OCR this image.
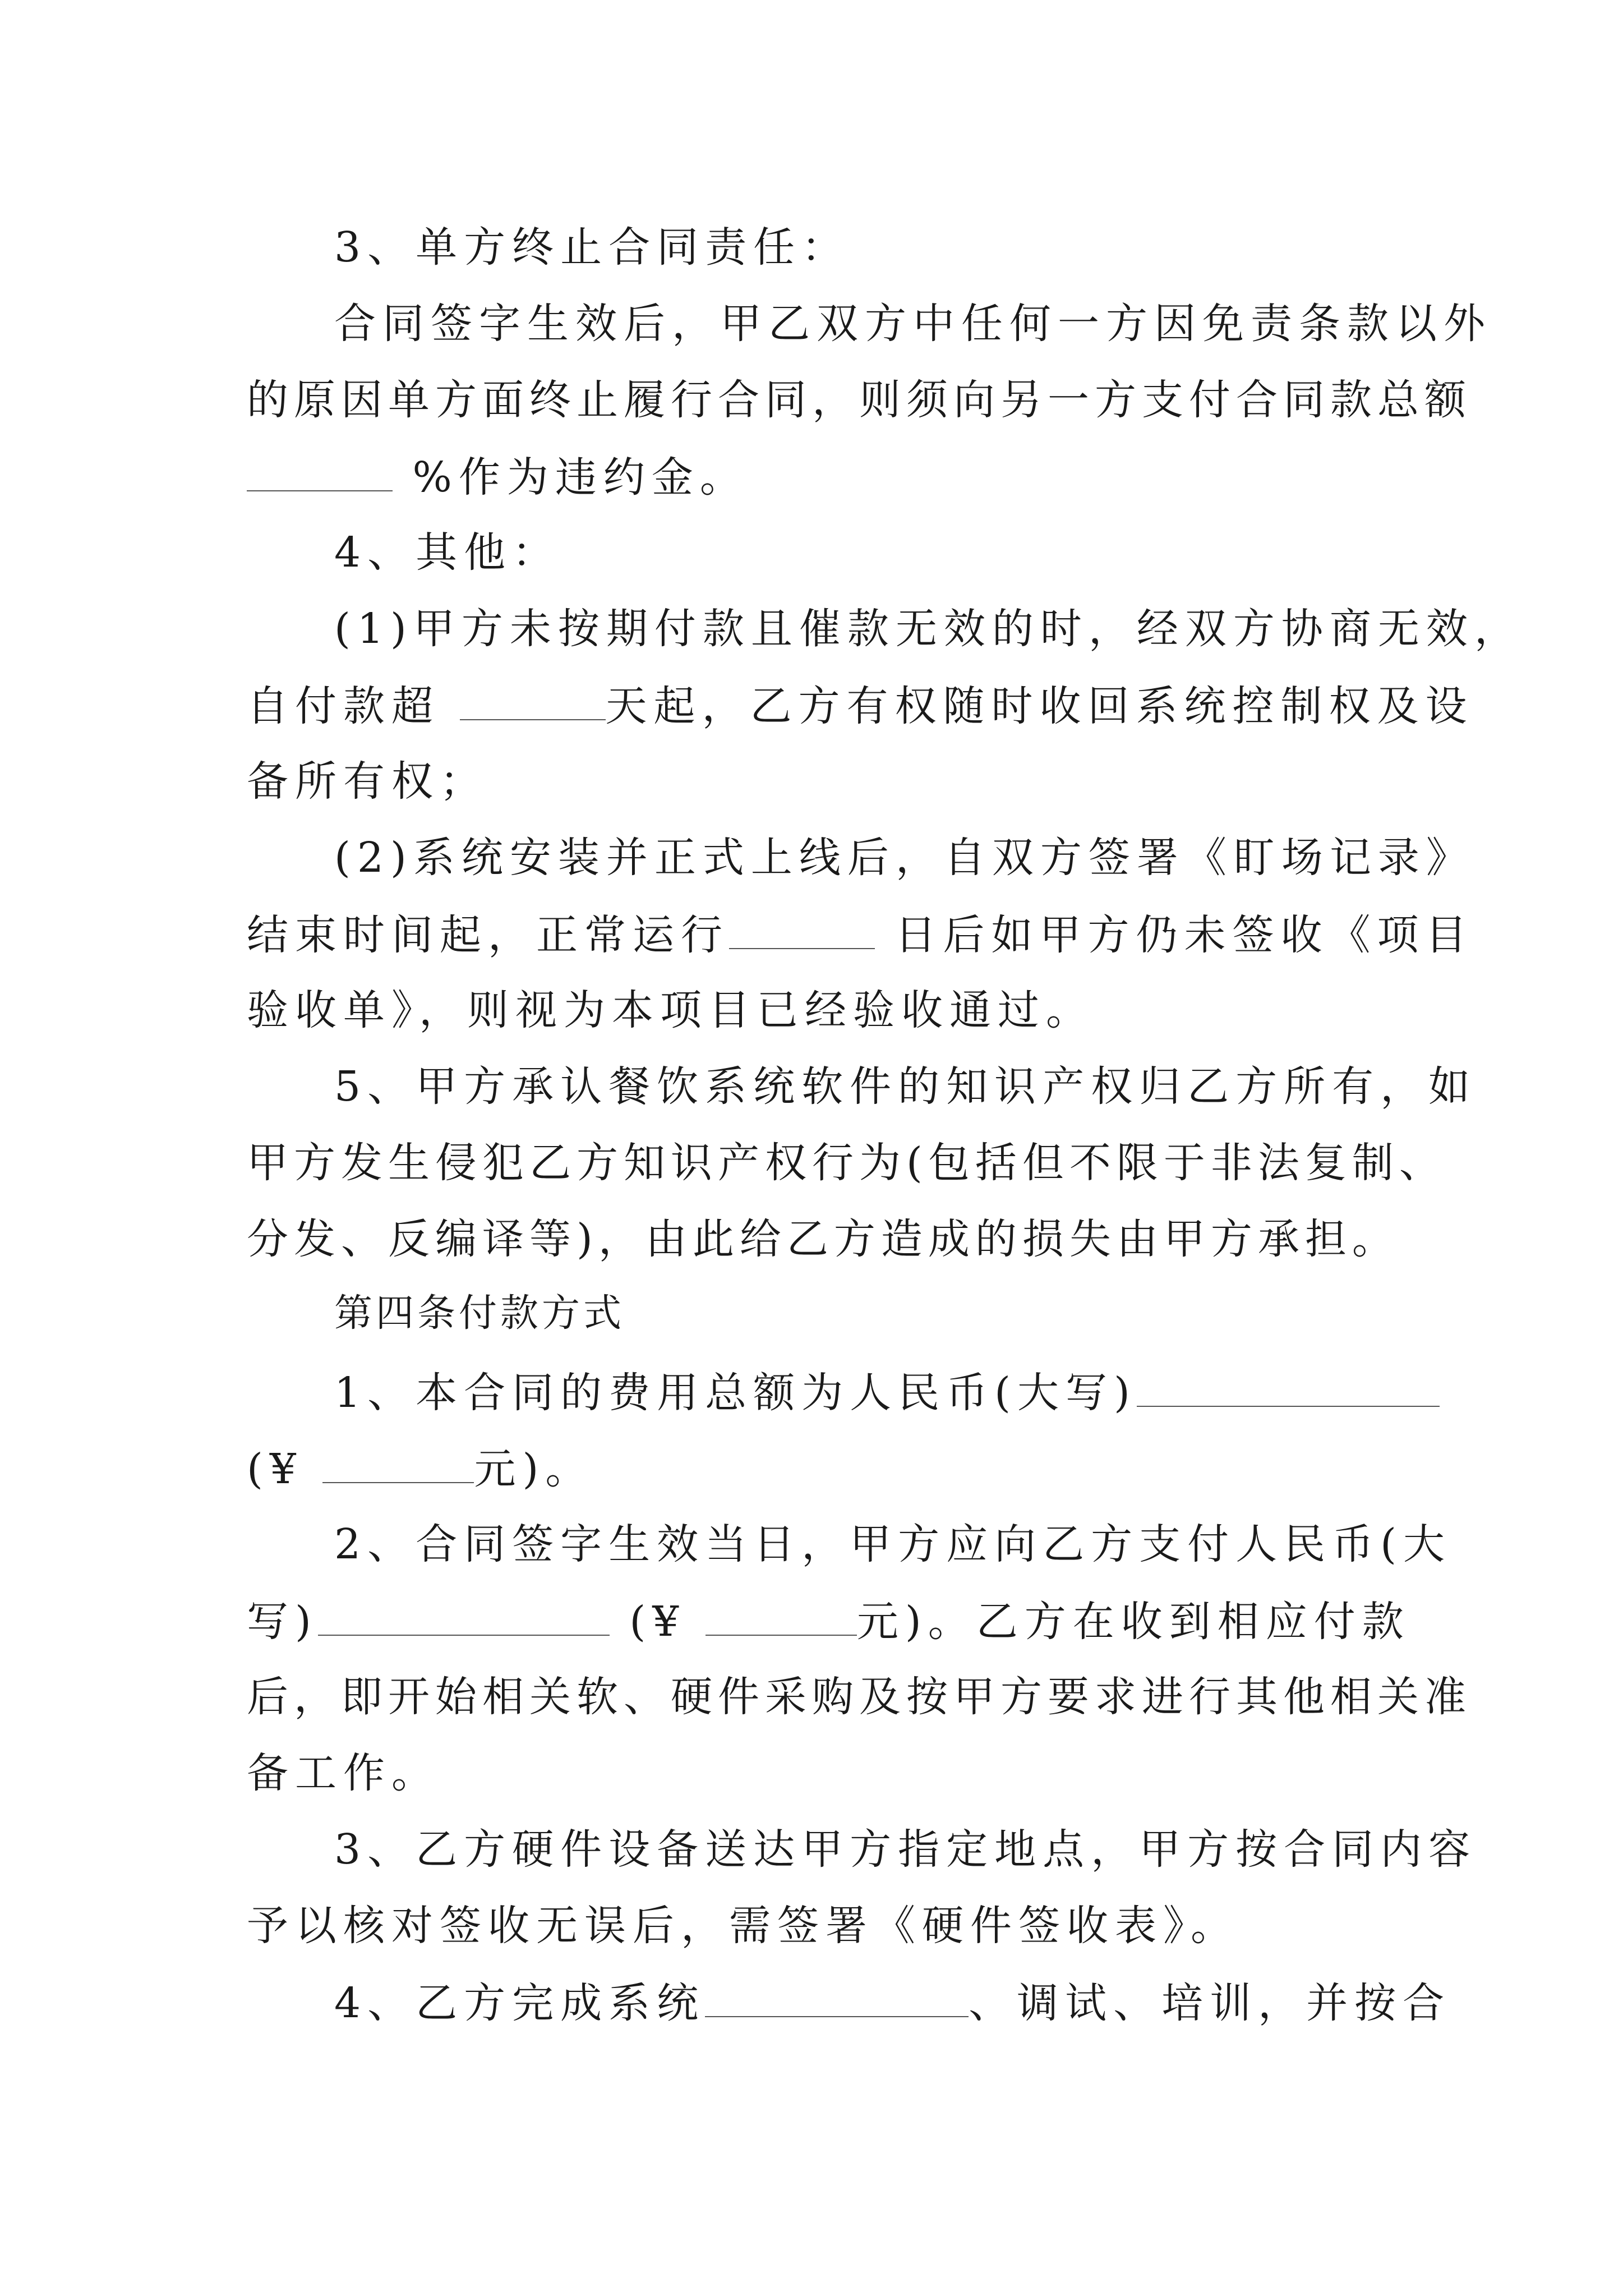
3、单方终止合同责任：
合同签字生效后，甲乙双方中任何一方因免责条款以外
的原因单方面终止履行合同，则须向另一方支付合同款总额
%作为违约金。
4、其他：
(1)甲方未按期付款且催款无效的时，经双方协商无效，
自付款超	天起，乙方有权随时收回系统控制权及设
备所有权；
(2)系统安装并正式上线后，自双方签署《盯场记录》
结束时间起，正常运行	日后如甲方仍未签收《项目
验收单》，则视为本项目已经验收通过。
5、甲方承认餐饮系统软件的知识产权归乙方所有，如
甲方发生侵犯乙方知识产权行为(包括但不限于非法复制、
分发、反编译等)，由此给乙方造成的损失由甲方承担。
第四条付款方式
1、本合同的费用总额为人民币(大写)
(¥	元)。
2、合同签字生效当日，甲方应向乙方支付人民币(大
写)	(¥	元)。乙方在收到相应付款
后，即开始相关软、硬件采购及按甲方要求进行其他相关准
备工作。
3、乙方硬件设备送达甲方指定地点，甲方按合同内容
予以核对签收无误后，需签署《硬件签收表》。
4、乙方完成系统	、调试、培训，并按合
